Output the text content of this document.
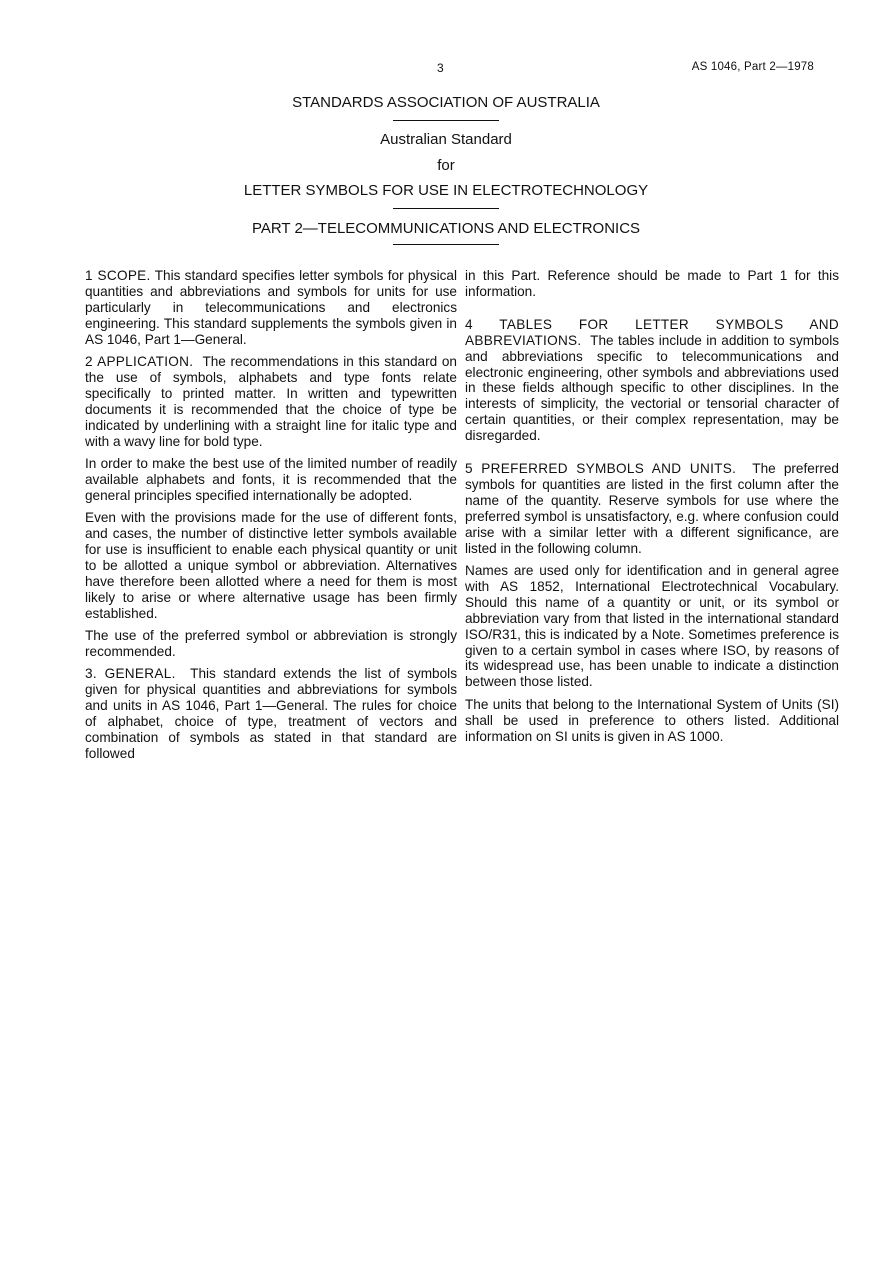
3	AS 1046, Part 2—1978
STANDARDS ASSOCIATION OF AUSTRALIA
Australian Standard
for
LETTER SYMBOLS FOR USE IN ELECTROTECHNOLOGY
PART 2—TELECOMMUNICATIONS AND ELECTRONICS

1 SCOPE. This standard specifies letter symbols for physical quantities and abbreviations and symbols for units for use particularly in telecommunications and electronics engineering. This standard supplements the symbols given in AS 1046, Part 1—General.

2 APPLICATION. The recommendations in this standard on the use of symbols, alphabets and type fonts relate specifically to printed matter. In written and typewritten documents it is recommended that the choice of type be indicated by underlining with a straight line for italic type and with a wavy line for bold type.

In order to make the best use of the limited number of readily available alphabets and fonts, it is recommended that the general principles specified internationally be adopted.

Even with the provisions made for the use of different fonts, and cases, the number of distinctive letter symbols available for use is insufficient to enable each physical quantity or unit to be allotted a unique symbol or abbreviation. Alternatives have therefore been allotted where a need for them is most likely to arise or where alternative usage has been firmly established.

The use of the preferred symbol or abbreviation is strongly recommended.

3. GENERAL. This standard extends the list of symbols given for physical quantities and abbreviations for symbols and units in AS 1046, Part 1—General. The rules for choice of alphabet, choice of type, treatment of vectors and combination of symbols as stated in that standard are followed

in this Part. Reference should be made to Part 1 for this information.

4 TABLES FOR LETTER SYMBOLS AND ABBREVIATIONS. The tables include in addition to symbols and abbreviations specific to telecommunications and electronic engineering, other symbols and abbreviations used in these fields although specific to other disciplines. In the interests of simplicity, the vectorial or tensorial character of certain quantities, or their complex representation, may be disregarded.

5 PREFERRED SYMBOLS AND UNITS. The preferred symbols for quantities are listed in the first column after the name of the quantity. Reserve symbols for use where the preferred symbol is unsatisfactory, e.g. where confusion could arise with a similar letter with a different significance, are listed in the following column.

Names are used only for identification and in general agree with AS 1852, International Electrotechnical Vocabulary. Should this name of a quantity or unit, or its symbol or abbreviation vary from that listed in the international standard ISO/R31, this is indicated by a Note. Sometimes preference is given to a certain symbol in cases where ISO, by reasons of its widespread use, has been unable to indicate a distinction between those listed.

The units that belong to the International System of Units (SI) shall be used in preference to others listed. Additional information on SI units is given in AS 1000.
